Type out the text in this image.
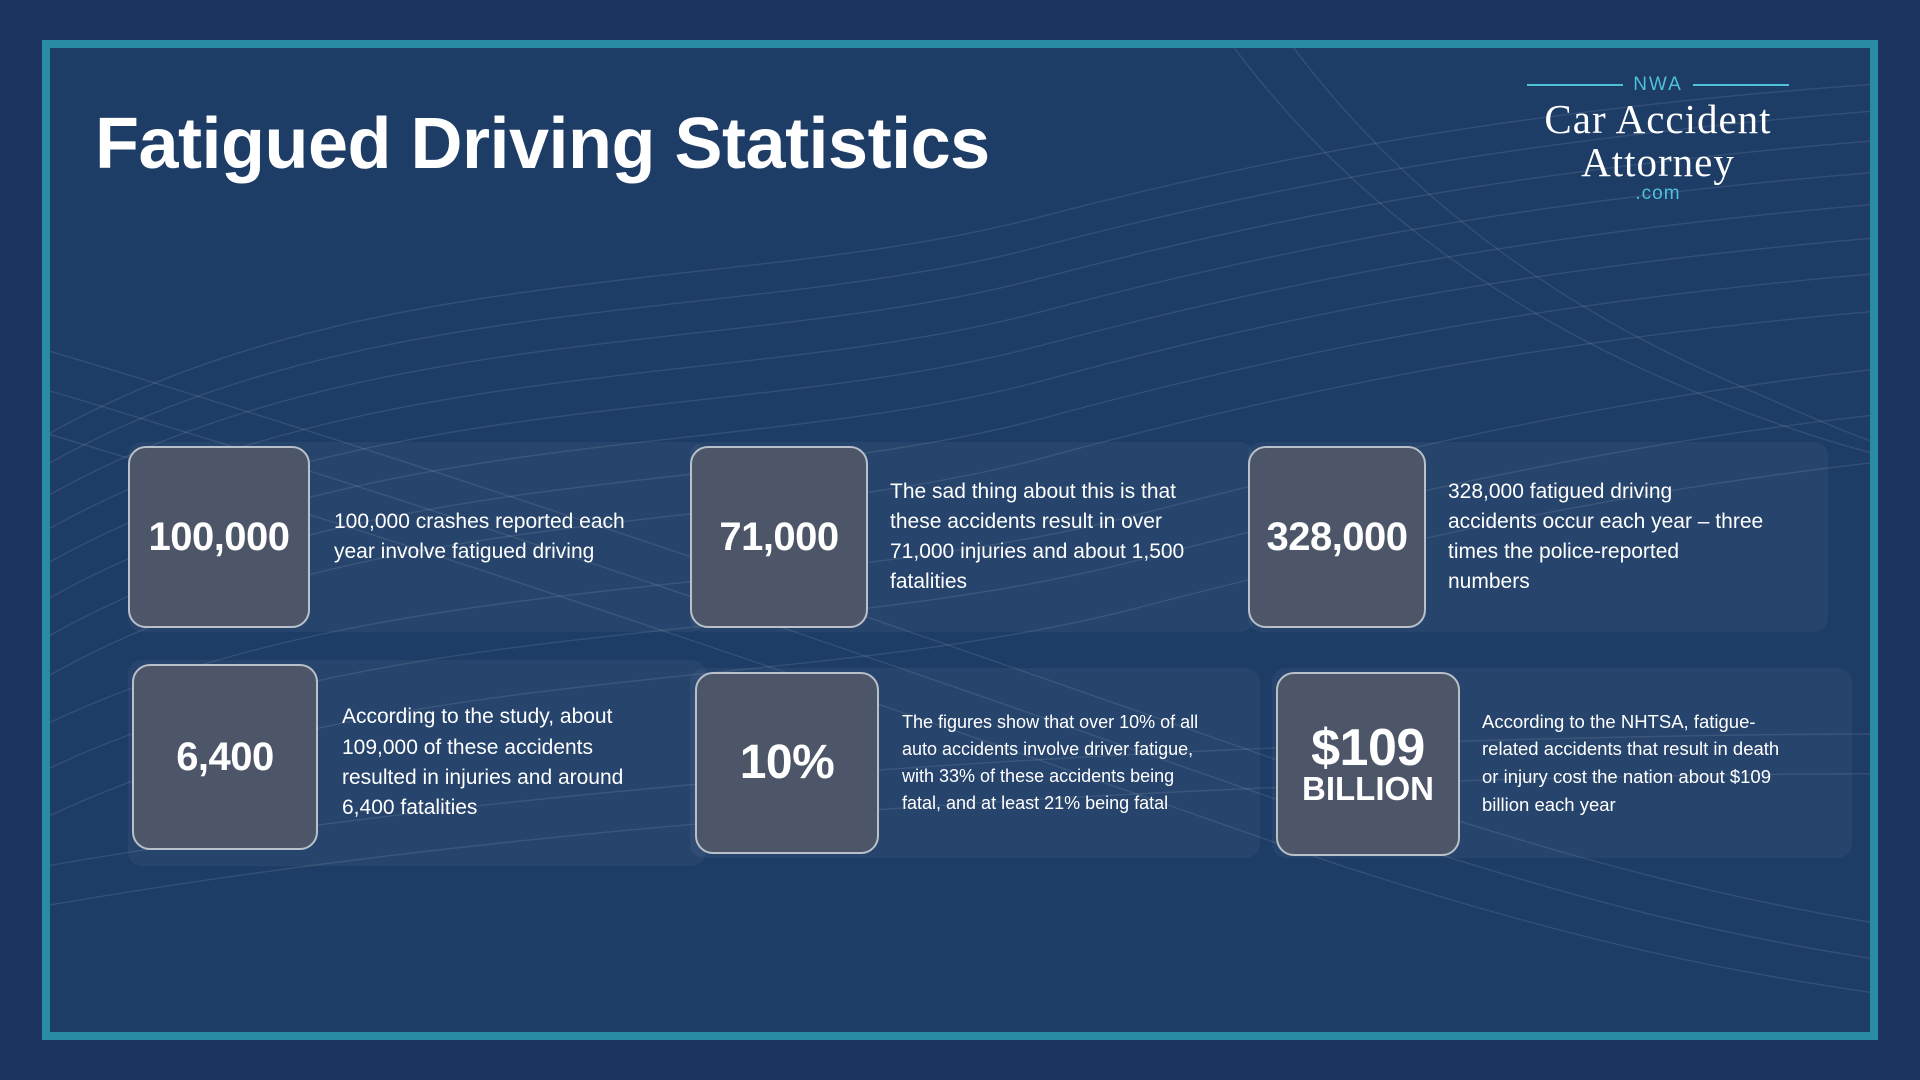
Fatigued Driving Statistics
NWA
Car Accident
Attorney
.com
100,000 100,000 crashes reported each year involve fatigued driving	71,000
The sad thing about this is that these accidents result in over 71,000 injuries and about 1,500 fatalities
328,000
328,000 fatigued driving accidents occur each year – three times the police-reported numbers
6,400
According to the study, about 109,000 of these accidents resulted in injuries and around 6,400 fatalities
10%
The figures show that over 10% of all auto accidents involve driver fatigue, with 33% of these accidents being fatal, and at least 21% being fatal
$109
BILLION
According to the NHTSA, fatigue-related accidents that result in death or injury cost the nation about $109 billion each year
